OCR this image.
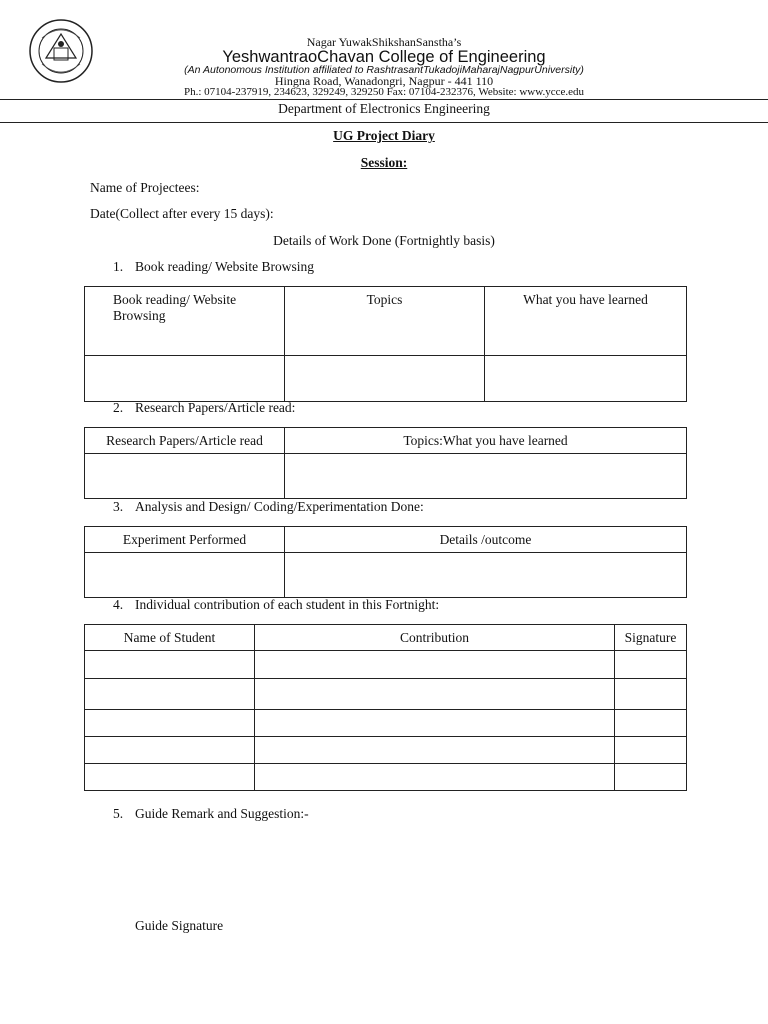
Nagar YuwakShikshanSanstha’s
YeshwantraoChavan College of Engineering
(An Autonomous Institution affiliated to RashtrasantTukadojiMaharajNagpurUniversity)
Hingna Road, Wanadongri, Nagpur - 441 110
Ph.: 07104-237919, 234623, 329249, 329250 Fax: 07104-232376, Website: www.ycce.edu
Department of Electronics Engineering
UG Project Diary
Session:
Name of Projectees:
Date(Collect after every 15 days):
Details of Work Done (Fortnightly basis)
1. Book reading/ Website Browsing
Book reading/ Website Browsing	Topics	What you have learned

2. Research Papers/Article read:
Research Papers/Article read	Topics:What you have learned

3. Analysis and Design/ Coding/Experimentation Done:
Experiment Performed	Details /outcome

4. Individual contribution of each student in this Fortnight:
Name of Student	Contribution	Signature

5. Guide Remark and Suggestion:-
Guide Signature
